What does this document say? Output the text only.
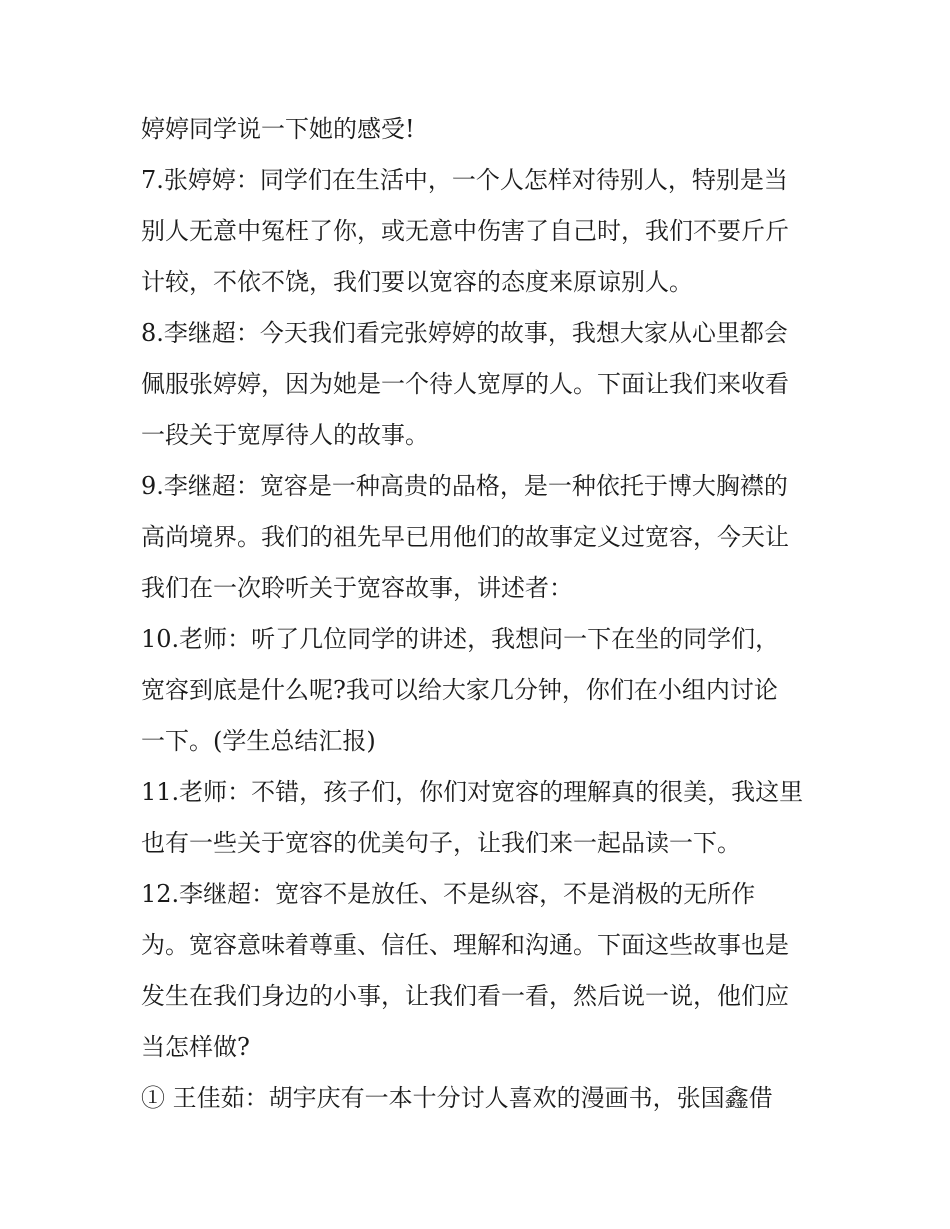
婷婷同学说一下她的感受!
7.张婷婷：同学们在生活中，一个人怎样对待别人，特别是当
别人无意中冤枉了你，或无意中伤害了自己时，我们不要斤斤
计较，不依不饶，我们要以宽容的态度来原谅别人。
8.李继超：今天我们看完张婷婷的故事，我想大家从心里都会
佩服张婷婷，因为她是一个待人宽厚的人。下面让我们来收看
一段关于宽厚待人的故事。
9.李继超：宽容是一种高贵的品格，是一种依托于博大胸襟的
高尚境界。我们的祖先早已用他们的故事定义过宽容，今天让
我们在一次聆听关于宽容故事，讲述者：
10.老师：听了几位同学的讲述，我想问一下在坐的同学们，
宽容到底是什么呢?我可以给大家几分钟，你们在小组内讨论
一下。(学生总结汇报)
11.老师：不错，孩子们，你们对宽容的理解真的很美，我这里
也有一些关于宽容的优美句子，让我们来一起品读一下。
12.李继超：宽容不是放任、不是纵容，不是消极的无所作
为。宽容意味着尊重、信任、理解和沟通。下面这些故事也是
发生在我们身边的小事，让我们看一看，然后说一说，他们应
当怎样做?
① 王佳茹：胡宇庆有一本十分讨人喜欢的漫画书，张国鑫借
